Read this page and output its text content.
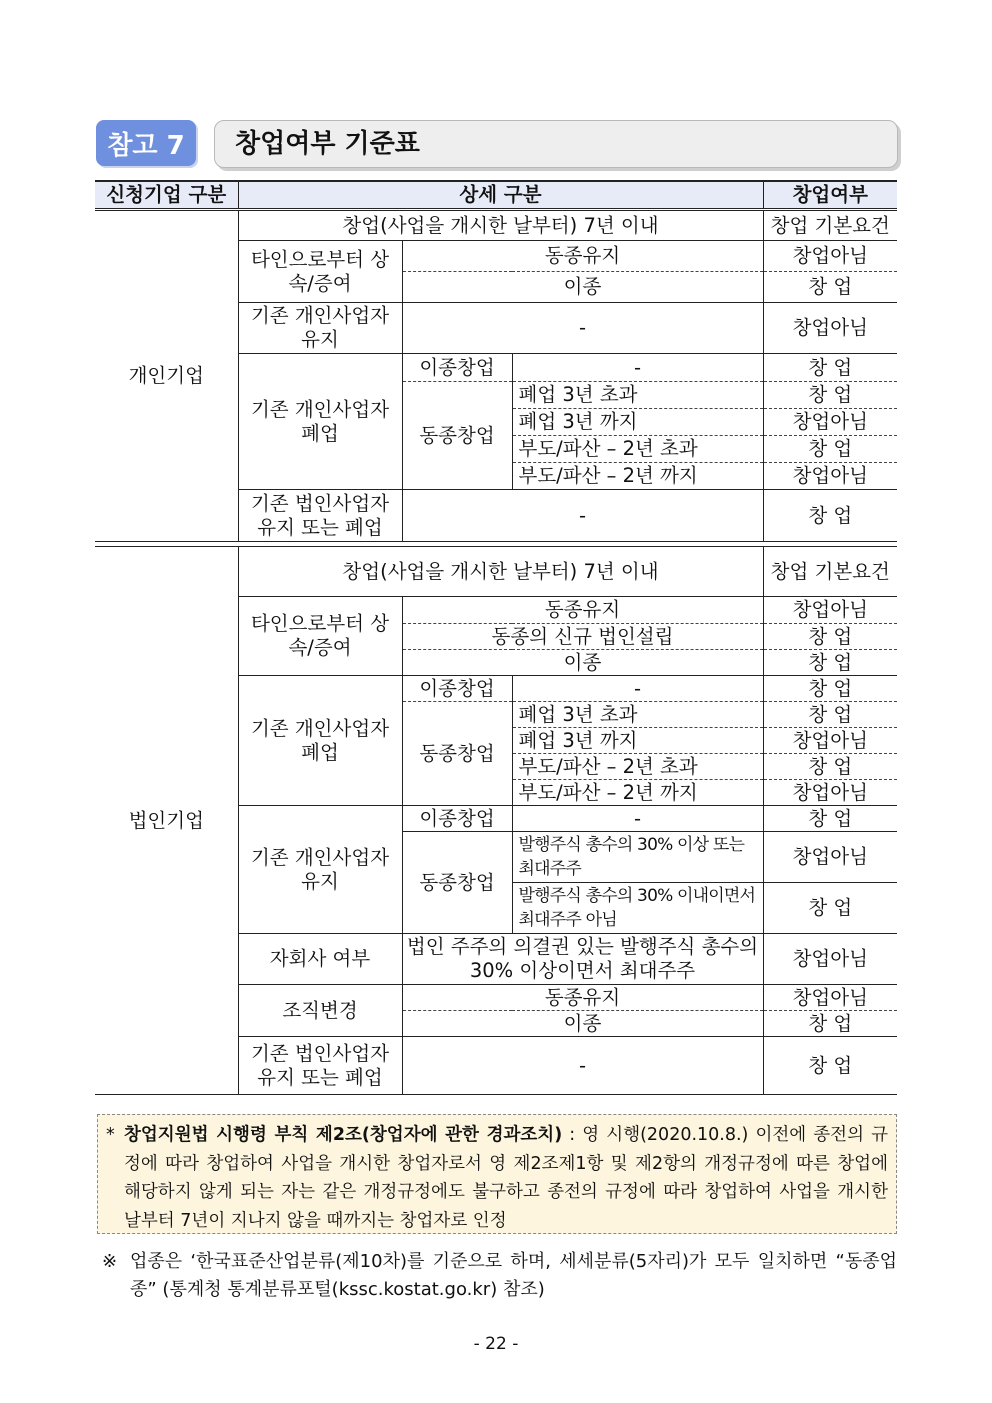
참고 7	창업여부 기준표
신청기업 구분	상세 구분			창업여부
개인기업	창업(사업을 개시한 날부터) 7년 이내			창업 기본요건
	타인으로부터 상속/증여	동종유지		창업아님
		이종		창 업
	기존 개인사업자 유지	-		창업아님
	기존 개인사업자 폐업	이종창업	-	창 업
		동종창업	폐업 3년 초과	창 업
			폐업 3년 까지	창업아님
			부도/파산 – 2년 초과	창 업
			부도/파산 – 2년 까지	창업아님
	기존 법인사업자 유지 또는 폐업	-		창 업
법인기업	창업(사업을 개시한 날부터) 7년 이내			창업 기본요건
	타인으로부터 상속/증여	동종유지		창업아님
		동종의 신규 법인설립		창 업
		이종		창 업
	기존 개인사업자 폐업	이종창업	-	창 업
		동종창업	폐업 3년 초과	창 업
			폐업 3년 까지	창업아님
			부도/파산 – 2년 초과	창 업
			부도/파산 – 2년 까지	창업아님
	기존 개인사업자 유지	이종창업	-	창 업
		동종창업	발행주식 총수의 30% 이상 또는 최대주주	창업아님
			발행주식 총수의 30% 이내이면서 최대주주 아님	창 업
	자회사 여부	법인 주주의 의결권 있는 발행주식 총수의 30% 이상이면서 최대주주		창업아님
	조직변경	동종유지		창업아님
		이종		창 업
	기존 법인사업자 유지 또는 폐업	-		창 업
* 창업지원법 시행령 부칙 제2조(창업자에 관한 경과조치) : 영 시행(2020.10.8.) 이전에 종전의 규정에 따라 창업하여 사업을 개시한 창업자로서 영 제2조제1항 및 제2항의 개정규정에 따른 창업에 해당하지 않게 되는 자는 같은 개정규정에도 불구하고 종전의 규정에 따라 창업하여 사업을 개시한 날부터 7년이 지나지 않을 때까지는 창업자로 인정
※ 업종은 ‘한국표준산업분류(제10차)를 기준으로 하며, 세세분류(5자리)가 모두 일치하면 “동종업종” (통계청 통계분류포털(kssc.kostat.go.kr) 참조)
- 22 -
